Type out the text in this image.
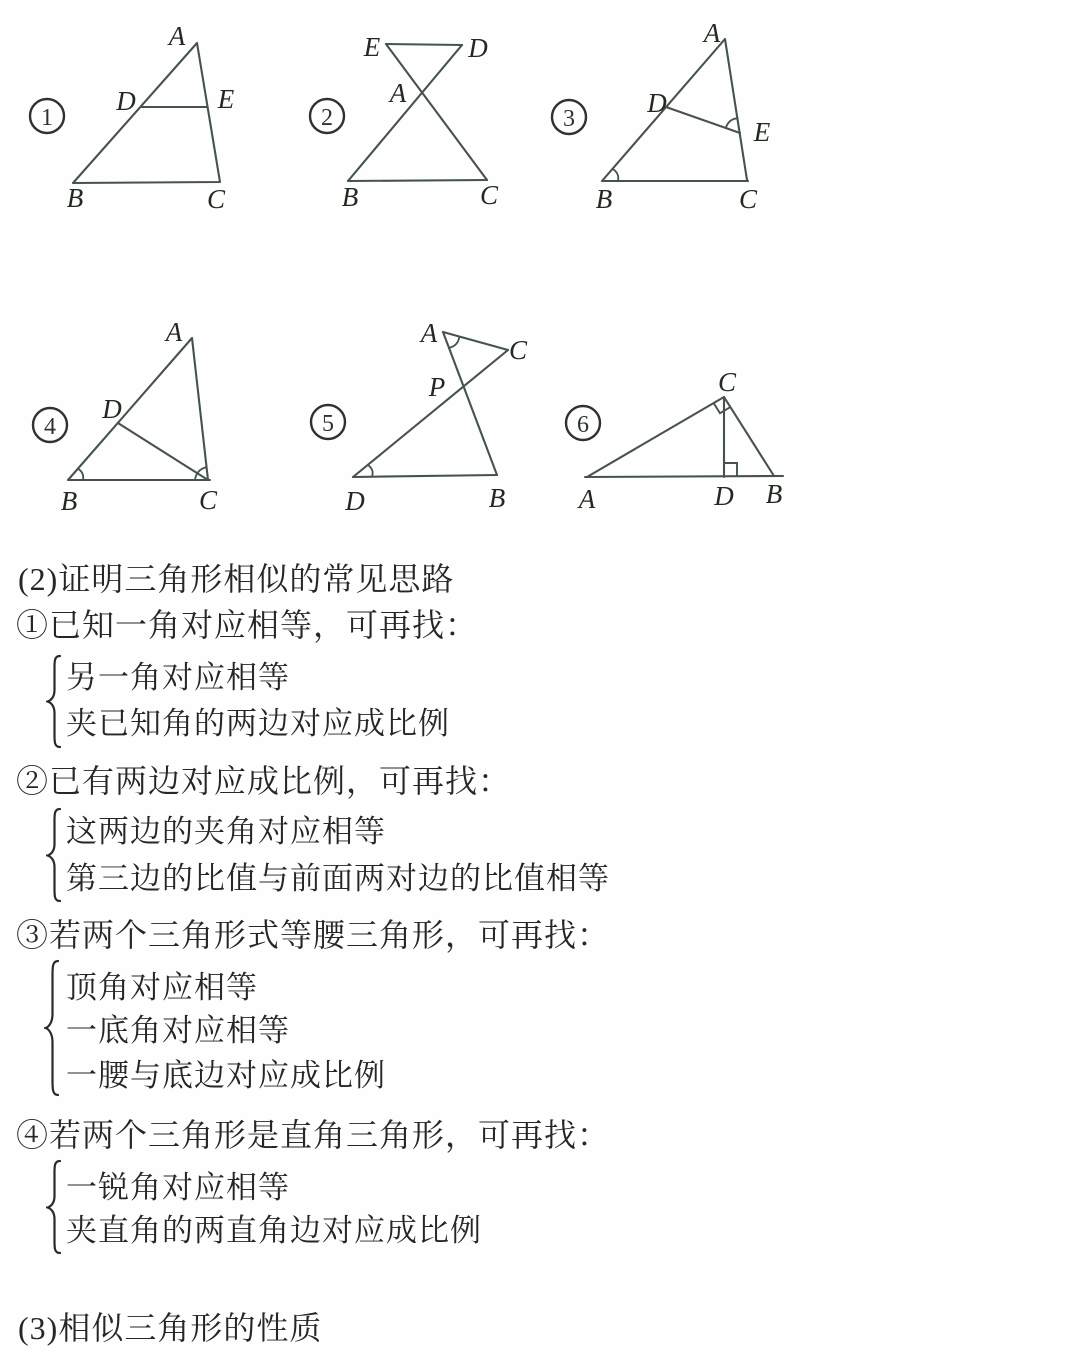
A
B	C
D	E
1
E	D
A
B	C
2
A
B	C
D
E
3
A
B	C
D
4
A
C
P
D	B
5
C
A	D B
6
(2)证明三角形相似的常见思路
①已知一角对应相等，可再找：
另一角对应相等
夹已知角的两边对应成比例
②已有两边对应成比例，可再找：
这两边的夹角对应相等
第三边的比值与前面两对边的比值相等
③若两个三角形式等腰三角形，可再找：
顶角对应相等
一底角对应相等
一腰与底边对应成比例
④若两个三角形是直角三角形，可再找：
一锐角对应相等
夹直角的两直角边对应成比例
(3)相似三角形的性质
